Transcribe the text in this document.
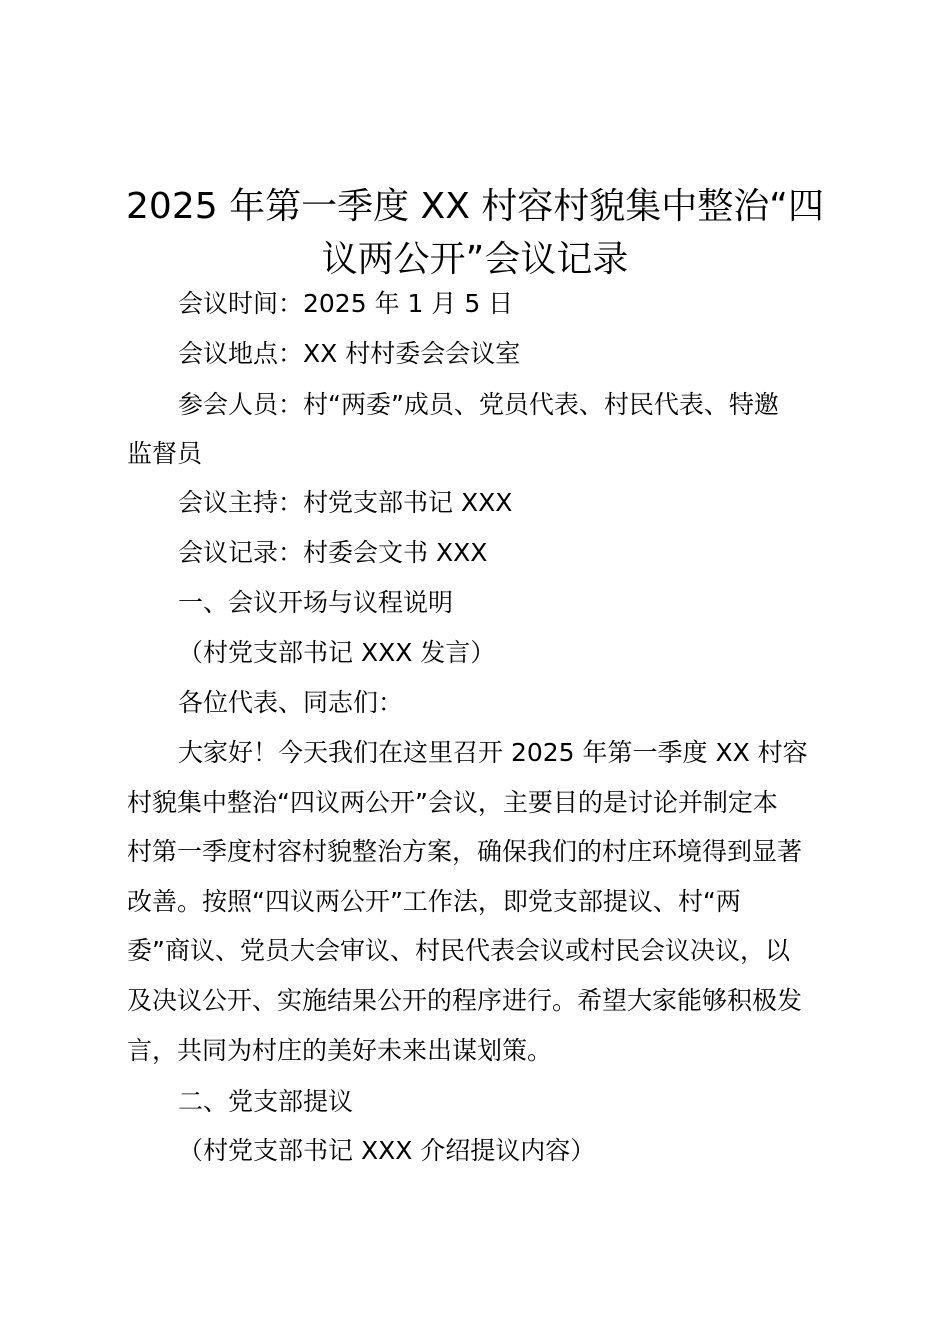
2025 年第一季度 XX 村容村貌集中整治“四
议两公开”会议记录

会议时间：2025 年 1 月 5 日

会议地点：XX 村村委会会议室

参会人员：村“两委”成员、党员代表、村民代表、特邀

监督员

会议主持：村党支部书记 XXX

会议记录：村委会文书 XXX

一、会议开场与议程说明

（村党支部书记 XXX 发言）

各位代表、同志们：

大家好！今天我们在这里召开 2025 年第一季度 XX 村容

村貌集中整治“四议两公开”会议，主要目的是讨论并制定本

村第一季度村容村貌整治方案，确保我们的村庄环境得到显著

改善。按照“四议两公开”工作法，即党支部提议、村“两

委”商议、党员大会审议、村民代表会议或村民会议决议，以

及决议公开、实施结果公开的程序进行。希望大家能够积极发

言，共同为村庄的美好未来出谋划策。

二、党支部提议

（村党支部书记 XXX 介绍提议内容）
